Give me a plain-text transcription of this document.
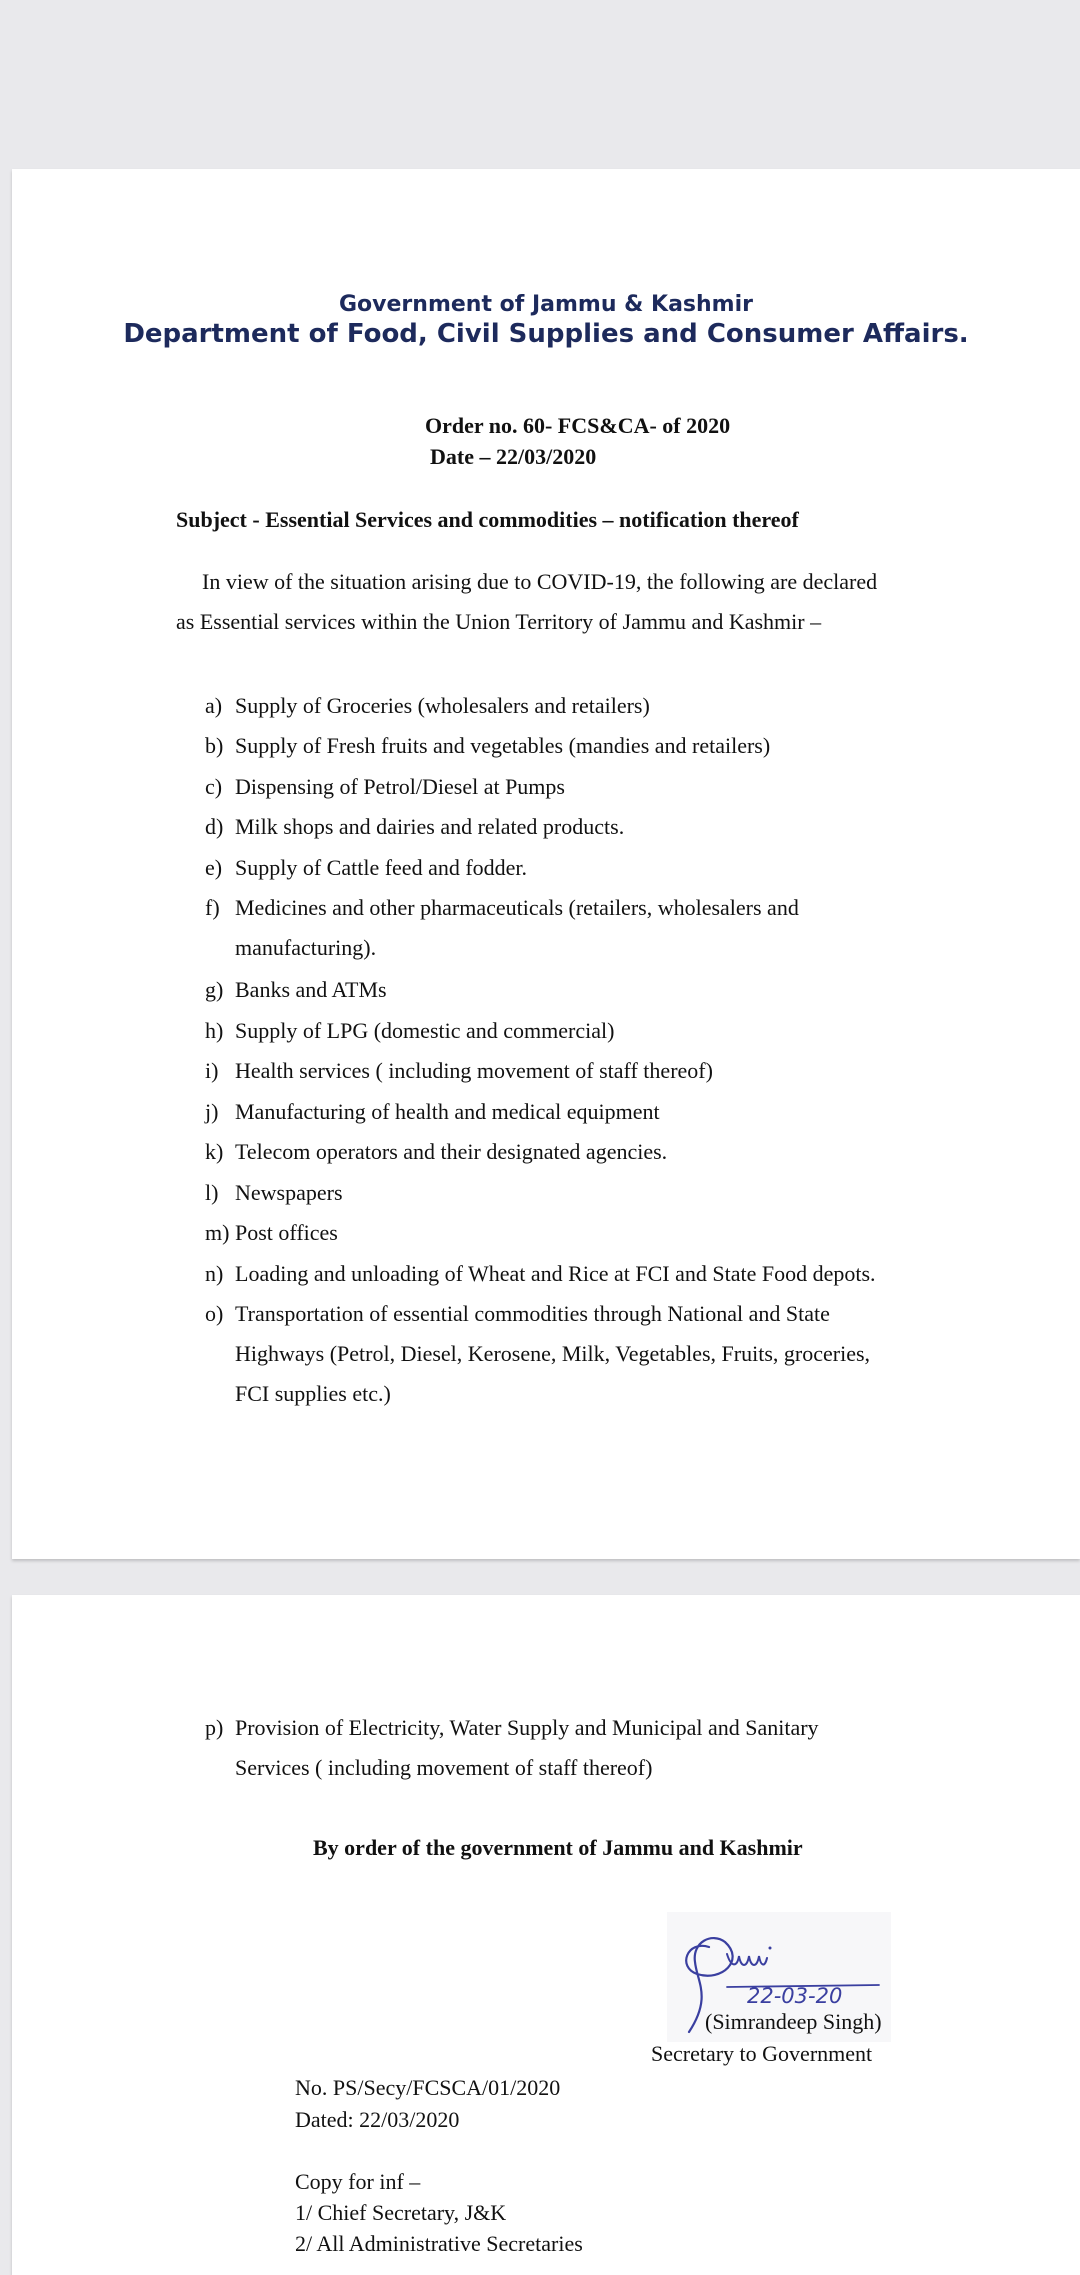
Government of Jammu & Kashmir
Department of Food, Civil Supplies and Consumer Affairs.
Order no. 60- FCS&CA- of 2020
Date – 22/03/2020
Subject - Essential Services and commodities – notification thereof
In view of the situation arising due to COVID-19, the following are declared
as Essential services within the Union Territory of Jammu and Kashmir –
a) Supply of Groceries (wholesalers and retailers)
b) Supply of Fresh fruits and vegetables (mandies and retailers)
c) Dispensing of Petrol/Diesel at Pumps
d) Milk shops and dairies and related products.
e) Supply of Cattle feed and fodder.
f) Medicines and other pharmaceuticals (retailers, wholesalers and
manufacturing).
g) Banks and ATMs
h) Supply of LPG (domestic and commercial)
i) Health services ( including movement of staff thereof)
j) Manufacturing of health and medical equipment
k) Telecom operators and their designated agencies.
l) Newspapers
m) Post offices
n) Loading and unloading of Wheat and Rice at FCI and State Food depots.
o) Transportation of essential commodities through National and State
Highways (Petrol, Diesel, Kerosene, Milk, Vegetables, Fruits, groceries,
FCI supplies etc.)
p) Provision of Electricity, Water Supply and Municipal and Sanitary
Services ( including movement of staff thereof)
By order of the government of Jammu and Kashmir
22-03-20
(Simrandeep Singh)
Secretary to Government
No. PS/Secy/FCSCA/01/2020
Dated: 22/03/2020
Copy for inf –
1/ Chief Secretary, J&K
2/ All Administrative Secretaries
